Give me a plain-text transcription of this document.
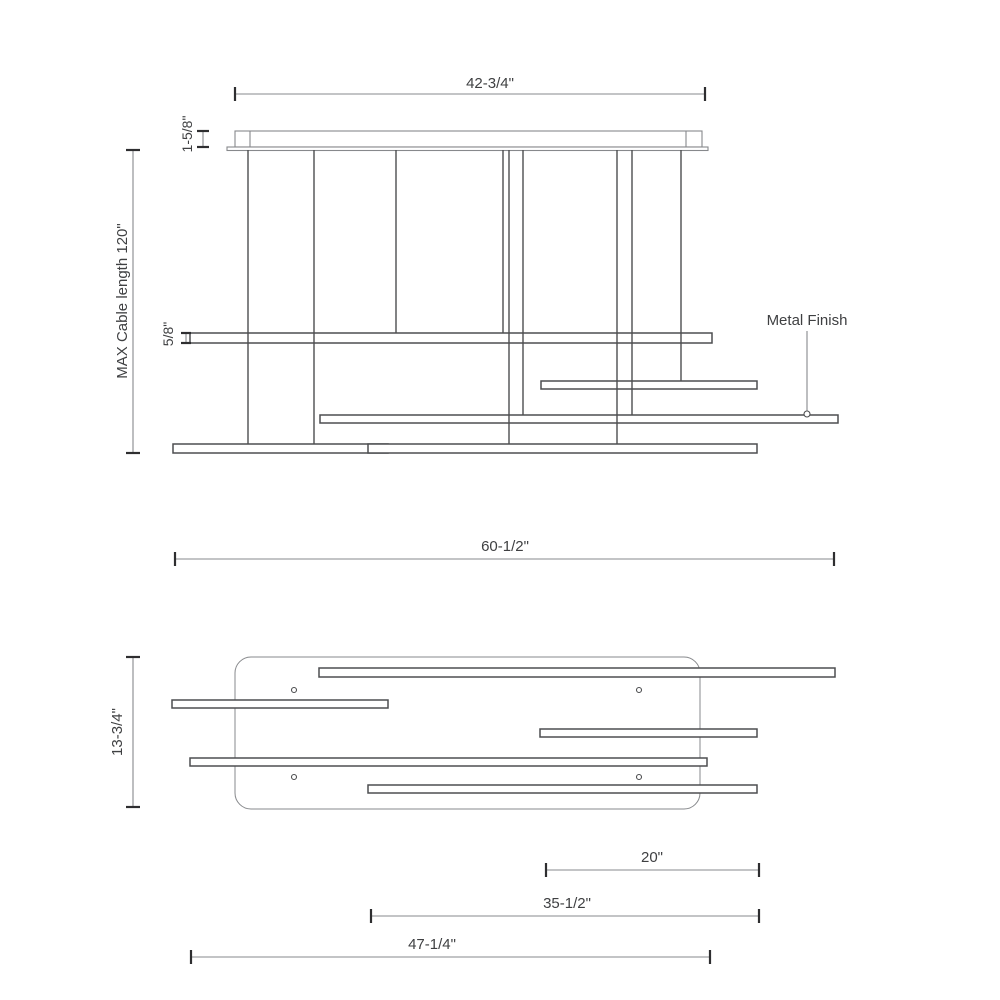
42-3/4"
1-5/8"
MAX Cable length 120" 5/8"
Metal Finish
60-1/2"
13-3/4"
20"
35-1/2"
47-1/4"
